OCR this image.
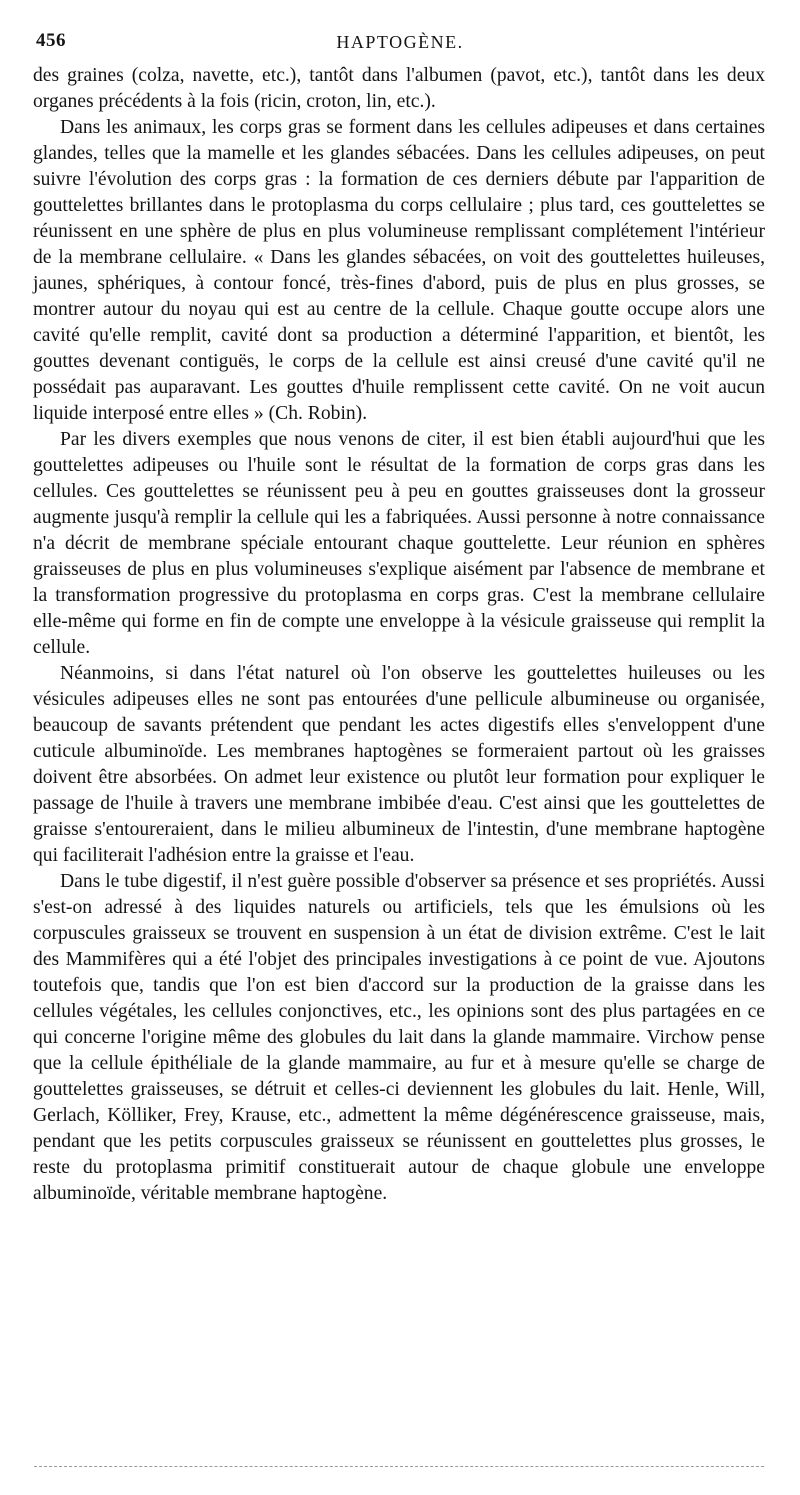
456	HAPTOGÈNE.

des graines (colza, navette, etc.), tantôt dans l'albumen (pavot, etc.), tantôt dans les deux organes précédents à la fois (ricin, croton, lin, etc.).

Dans les animaux, les corps gras se forment dans les cellules adipeuses et dans certaines glandes, telles que la mamelle et les glandes sébacées. Dans les cellules adipeuses, on peut suivre l'évolution des corps gras : la formation de ces derniers débute par l'apparition de gouttelettes brillantes dans le protoplasma du corps cellulaire ; plus tard, ces gouttelettes se réunissent en une sphère de plus en plus volumineuse remplissant complétement l'intérieur de la membrane cellulaire. « Dans les glandes sébacées, on voit des gouttelettes huileuses, jaunes, sphériques, à contour foncé, très-fines d'abord, puis de plus en plus grosses, se montrer autour du noyau qui est au centre de la cellule. Chaque goutte occupe alors une cavité qu'elle remplit, cavité dont sa production a déterminé l'apparition, et bientôt, les gouttes devenant contiguës, le corps de la cellule est ainsi creusé d'une cavité qu'il ne possédait pas auparavant. Les gouttes d'huile remplissent cette cavité. On ne voit aucun liquide interposé entre elles » (Ch. Robin).

Par les divers exemples que nous venons de citer, il est bien établi aujourd'hui que les gouttelettes adipeuses ou l'huile sont le résultat de la formation de corps gras dans les cellules. Ces gouttelettes se réunissent peu à peu en gouttes graisseuses dont la grosseur augmente jusqu'à remplir la cellule qui les a fabriquées. Aussi personne à notre connaissance n'a décrit de membrane spéciale entourant chaque gouttelette. Leur réunion en sphères graisseuses de plus en plus volumineuses s'explique aisément par l'absence de membrane et la transformation progressive du protoplasma en corps gras. C'est la membrane cellulaire elle-même qui forme en fin de compte une enveloppe à la vésicule graisseuse qui remplit la cellule.

Néanmoins, si dans l'état naturel où l'on observe les gouttelettes huileuses ou les vésicules adipeuses elles ne sont pas entourées d'une pellicule albumineuse ou organisée, beaucoup de savants prétendent que pendant les actes digestifs elles s'enveloppent d'une cuticule albuminoïde. Les membranes haptogènes se formeraient partout où les graisses doivent être absorbées. On admet leur existence ou plutôt leur formation pour expliquer le passage de l'huile à travers une membrane imbibée d'eau. C'est ainsi que les gouttelettes de graisse s'entoureraient, dans le milieu albumineux de l'intestin, d'une membrane haptogène qui faciliterait l'adhésion entre la graisse et l'eau.

Dans le tube digestif, il n'est guère possible d'observer sa présence et ses propriétés. Aussi s'est-on adressé à des liquides naturels ou artificiels, tels que les émulsions où les corpuscules graisseux se trouvent en suspension à un état de division extrême. C'est le lait des Mammifères qui a été l'objet des principales investigations à ce point de vue. Ajoutons toutefois que, tandis que l'on est bien d'accord sur la production de la graisse dans les cellules végétales, les cellules conjonctives, etc., les opinions sont des plus partagées en ce qui concerne l'origine même des globules du lait dans la glande mammaire. Virchow pense que la cellule épithéliale de la glande mammaire, au fur et à mesure qu'elle se charge de gouttelettes graisseuses, se détruit et celles-ci deviennent les globules du lait. Henle, Will, Gerlach, Kölliker, Frey, Krause, etc., admettent la même dégénérescence graisseuse, mais, pendant que les petits corpuscules graisseux se réunissent en gouttelettes plus grosses, le reste du protoplasma primitif constituerait autour de chaque globule une enveloppe albuminoïde, véritable membrane haptogène.
